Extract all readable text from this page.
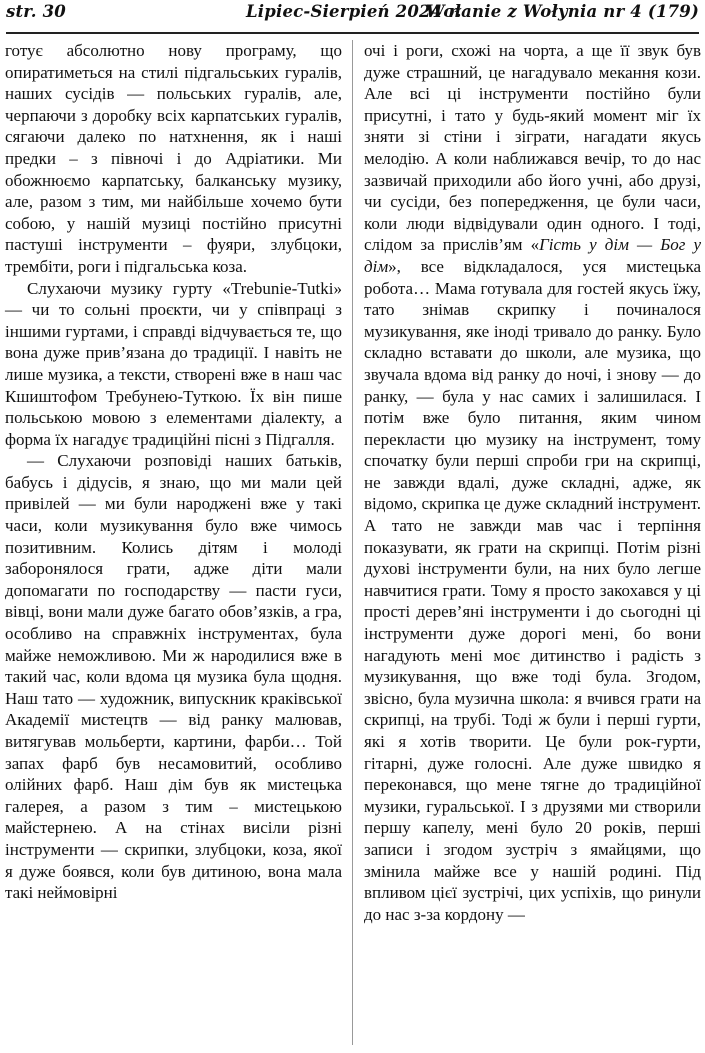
str. 30	Lipiec-Sierpień 2024 r.
Wołanie z Wołynia nr 4 (179)

готує абсолютно нову програму, що опиратиметься на стилі підгальських гуралів, наших сусідів — польських гуралів, але, черпаючи з доробку всіх карпатських гуралів, сягаючи далеко по натхнення, як і наші предки – з півночі і до Адріатики. Ми обожнюємо карпатську, балканську музику, але, разом з тим, ми найбільше хочемо бути собою, у нашій музиці постійно присутні пастуші інструменти – фуяри, злубцоки, трембіти, роги і підгальська коза.

Слухаючи музику гурту «Trebunie-Tutki» — чи то сольні проєкти, чи у співпраці з іншими гуртами, і справді відчувається те, що вона дуже прив’язана до традиції. І навіть не лише музика, а тексти, створені вже в наш час Кшиштофом Требунею-Туткою. Їх він пише польською мовою з елементами діалекту, а форма їх нагадує традиційні пісні з Підгалля.

— Слухаючи розповіді наших батьків, бабусь і дідусів, я знаю, що ми мали цей привілей — ми були народжені вже у такі часи, коли музикування було вже чимось позитивним. Колись дітям і молоді заборонялося грати, адже діти мали допомагати по господарству — пасти гуси, вівці, вони мали дуже багато обов’язків, а гра, особливо на справжніх інструментах, була майже неможливою. Ми ж народилися вже в такий час, коли вдома ця музика була щодня. Наш тато — художник, випускник краківської Академії мистецтв — від ранку малював, витягував мольберти, картини, фарби… Той запах фарб був несамовитий, особливо олійних фарб. Наш дім був як мистецька галерея, а разом з тим – мистецькою майстернею. А на стінах висіли різні інструменти — скрипки, злубцоки, коза, якої я дуже боявся, коли був дитиною, вона мала такі неймовірні

очі і роги, схожі на чорта, а ще її звук був дуже страшний, це нагадувало мекання кози. Але всі ці інструменти постійно були присутні, і тато у будь-який момент міг їх зняти зі стіни і зіграти, нагадати якусь мелодію. А коли наближався вечір, то до нас зазвичай приходили або його учні, або друзі, чи сусіди, без попередження, це були часи, коли люди відвідували один одного. І тоді, слідом за прислів’ям «Гість у дім — Бог у дім», все відкладалося, уся мистецька робота… Мама готувала для гостей якусь їжу, тато знімав скрипку і починалося музикування, яке іноді тривало до ранку. Було складно вставати до школи, але музика, що звучала вдома від ранку до ночі, і знову — до ранку, — була у нас самих і залишилася. І потім вже було питання, яким чином перекласти цю музику на інструмент, тому спочатку були перші спроби гри на скрипці, не завжди вдалі, дуже складні, адже, як відомо, скрипка це дуже складний інструмент. А тато не завжди мав час і терпіння показувати, як грати на скрипці. Потім різні духові інструменти були, на них було легше навчитися грати. Тому я просто закохався у ці прості дерев’яні інструменти і до сьогодні ці інструменти дуже дорогі мені, бо вони нагадують мені моє дитинство і радість з музикування, що вже тоді була. Згодом, звісно, була музична школа: я вчився грати на скрипці, на трубі. Тоді ж були і перші гурти, які я хотів творити. Це були рок-гурти, гітарні, дуже голосні. Але дуже швидко я переконався, що мене тягне до традиційної музики, гуральської. І з друзями ми створили першу капелу, мені було 20 років, перші записи і згодом зустріч з ямайцями, що змінила майже все у нашій родині. Під впливом цієї зустрічі, цих успіхів, що ринули до нас з-за кордону —
